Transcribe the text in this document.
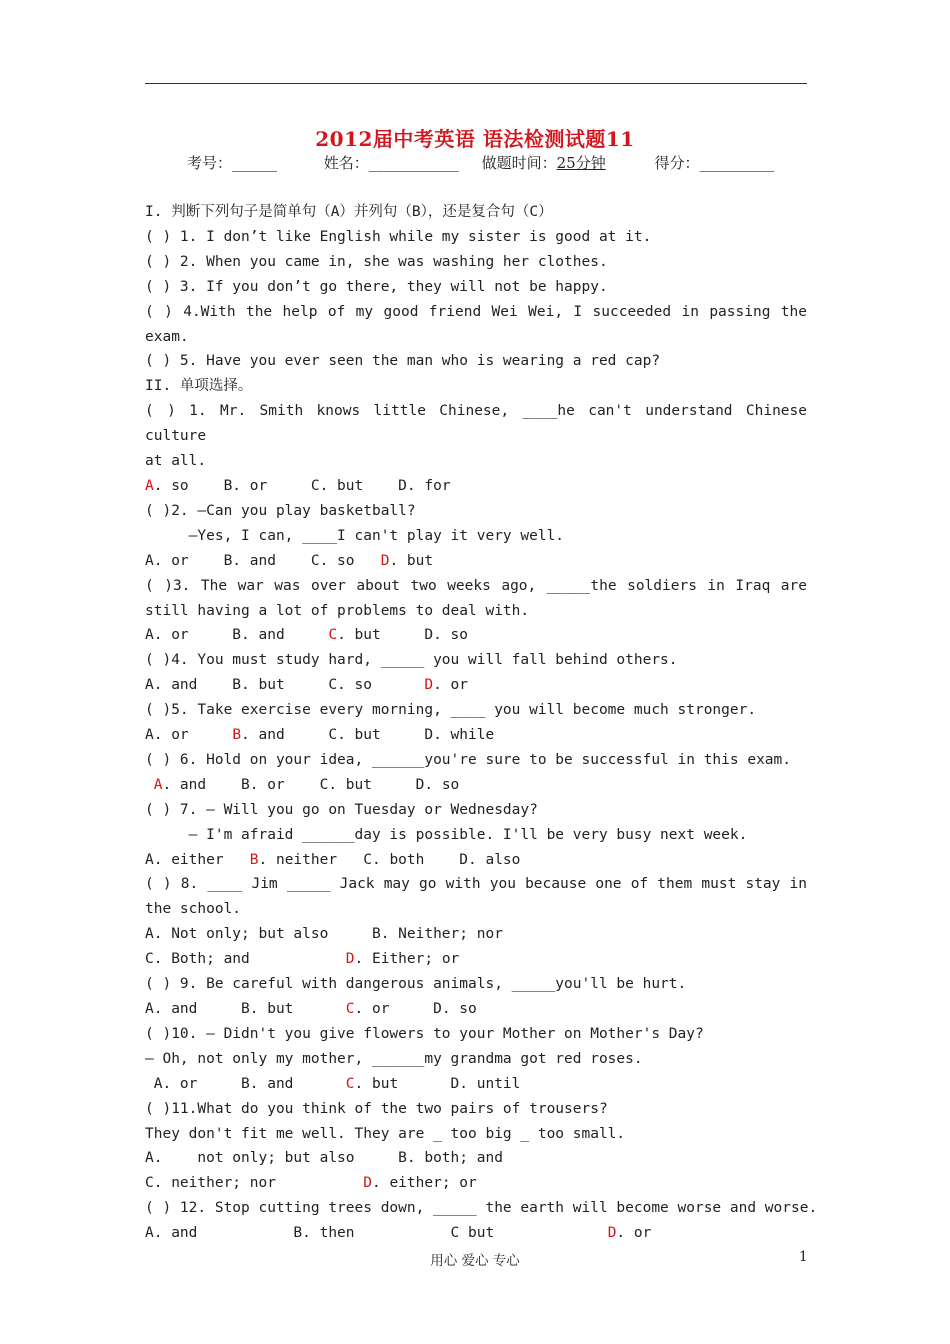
2012届中考英语 语法检测试题11
考号：______	姓名：____________ 做题时间：25分钟	得分：__________

I. 判断下列句子是简单句（A）并列句（B），还是复合句（C）

( ) 1. I don’t like English while my sister is good at it.

( ) 2. When you came in, she was washing her clothes.

( ) 3. If you don’t go there, they will not be happy.

( ) 4.With the help of my good friend Wei Wei, I succeeded in passing the

exam.

( ) 5. Have you ever seen the man who is wearing a red cap?

II. 单项选择。

( ) 1. Mr. Smith knows little Chinese, ____he can't understand Chinese culture

at all.

A. so    B. or     C. but    D. for

( )2. —Can you play basketball?

—Yes, I can, ____I can't play it very well.

A. or    B. and    C. so   D. but

( )3. The war was over about two weeks ago, _____the soldiers in Iraq are

still having a lot of problems to deal with.

A. or     B. and     C. but     D. so

( )4. You must study hard, _____ you will fall behind others.

A. and    B. but     C. so      D. or

( )5. Take exercise every morning, ____ you will become much stronger.

A. or     B. and     C. but     D. while

( ) 6. Hold on your idea, ______you're sure to be successful in this exam.

A. and    B. or    C. but     D. so

( ) 7. — Will you go on Tuesday or Wednesday?

— I'm afraid ______day is possible. I'll be very busy next week.

A. either   B. neither   C. both    D. also

( ) 8. ____ Jim _____ Jack may go with you because one of them must stay in

the school.

A. Not only; but also     B. Neither; nor

C. Both; and           D. Either; or

( ) 9. Be careful with dangerous animals, _____you'll be hurt.

A. and     B. but      C. or     D. so

( )10. — Didn't you give flowers to your Mother on Mother's Day?

— Oh, not only my mother, ______my grandma got red roses.

A. or     B. and      C. but      D. until

( )11.What do you think of the two pairs of trousers?

They don't fit me well. They are _ too big _ too small.

A.    not only; but also     B. both; and

C. neither; nor          D. either; or

( ) 12. Stop cutting trees down, _____ the earth will become worse and worse.

A. and           B. then           C but             D. or

用心 爱心 专心	1
